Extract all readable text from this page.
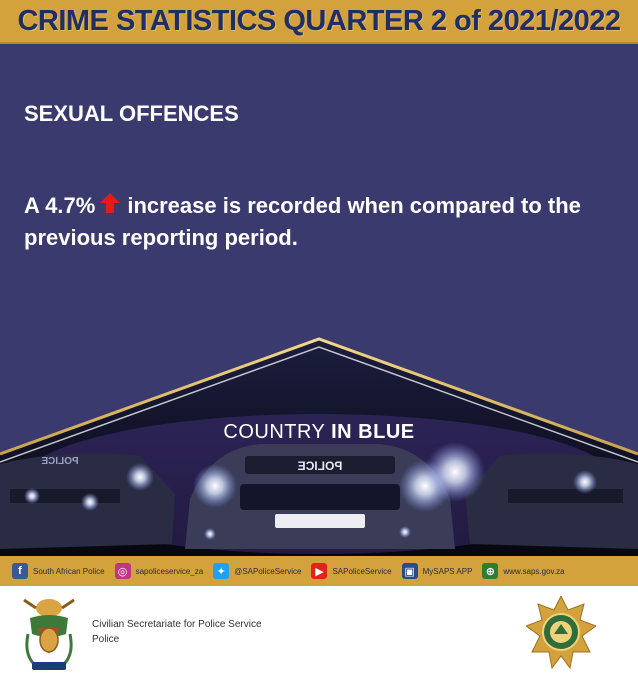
CRIME STATISTICS QUARTER 2 of 2021/2022
POLICE
POLICE
SEXUAL OFFENCES
A 4.7% increase is recorded when compared to the previous reporting period.
COUNTRY IN BLUE
f	South African Police ◎	sapoliceservice_za	✦	@SAPoliceService	▶	SAPoliceService ▣ MySAPS APP	⊕	www.saps.gov.za
Civilian Secretariate for Police Service
Police
